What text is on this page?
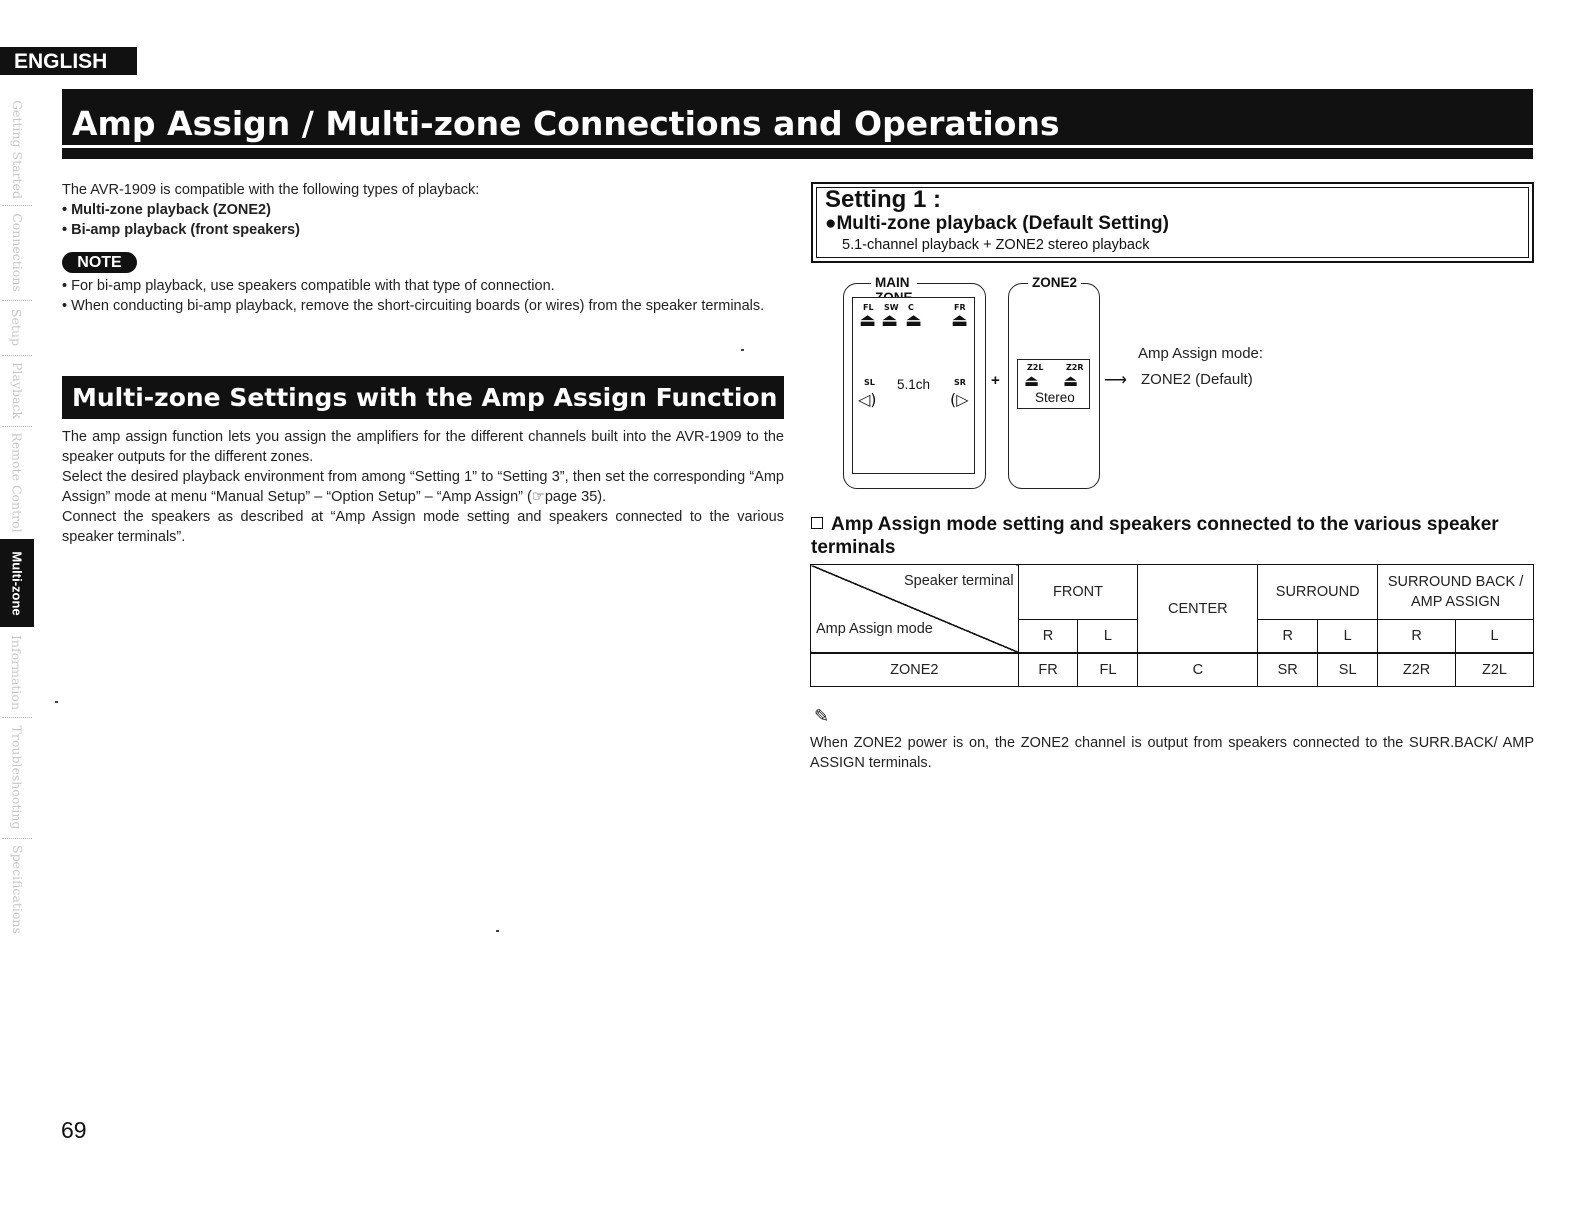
ENGLISH
Amp Assign / Multi-zone Connections and Operations
Getting Started
Connections
Setup
Playback
Remote Control
Multi-zone
Information
Troubleshooting
Specifications
The AVR-1909 is compatible with the following types of playback:
• Multi-zone playback (ZONE2)
• Bi-amp playback (front speakers)
NOTE
• For bi-amp playback, use speakers compatible with that type of connection.
• When conducting bi-amp playback, remove the short-circuiting boards (or wires) from the speaker terminals.
Multi-zone Settings with the Amp Assign Function
The amp assign function lets you assign the amplifiers for the different channels built into the AVR-1909 to the speaker outputs for the different zones.
Select the desired playback environment from among “Setting 1” to “Setting 3”, then set the corresponding “Amp Assign” mode at menu “Manual Setup” – “Option Setup” – “Amp Assign” (☞page 35).
Connect the speakers as described at “Amp Assign mode setting and speakers connected to the various speaker terminals”.
Setting 1 :
●Multi-zone playback (Default Setting)
5.1-channel playback + ZONE2 stereo playback
MAIN
FL SW C	FR
⏏ ⏏ ⏏ ⏏
SL	SR
◁)	(▷
5.1ch	+
ZONE2
Z2L	Z2R
⏏ ⏏
Stereo
Amp Assign mode:
⟶ ZONE2 (Default)
Amp Assign mode setting and speakers connected to the various speaker terminals
Speaker terminal
Amp Assign mode	FRONT		CENTER	SURROUND		SURROUND BACK / AMP ASSIGN	
	R	L		R	L	R	L
ZONE2	FR	FL	C	SR	SL	Z2R	Z2L
✎
When ZONE2 power is on, the ZONE2 channel is output from speakers connected to the SURR.BACK/ AMP ASSIGN terminals.
69
